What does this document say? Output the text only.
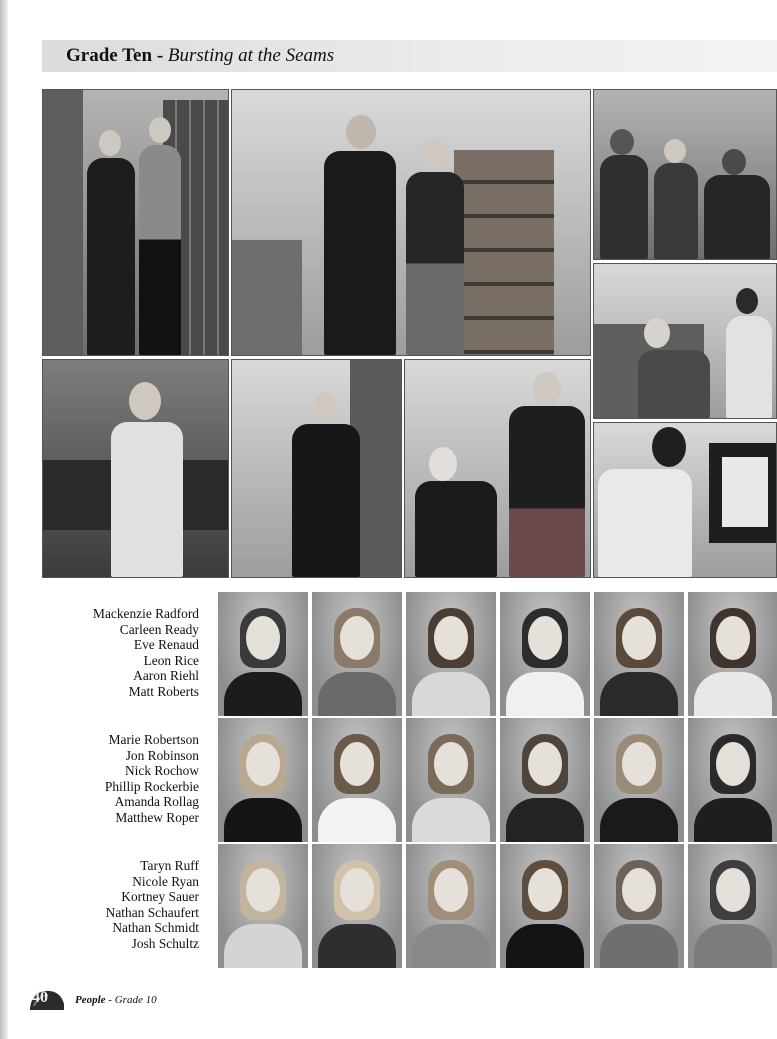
Grade Ten - Bursting at the Seams
Mackenzie Radford
Carleen Ready
Eve Renaud
Leon Rice
Aaron Riehl
Matt Roberts
Marie Robertson
Jon Robinson
Nick Rochow
Phillip Rockerbie
Amanda Rollag
Matthew Roper
Taryn Ruff
Nicole Ryan
Kortney Sauer
Nathan Schaufert
Nathan Schmidt
Josh Schultz
40 People - Grade 10
